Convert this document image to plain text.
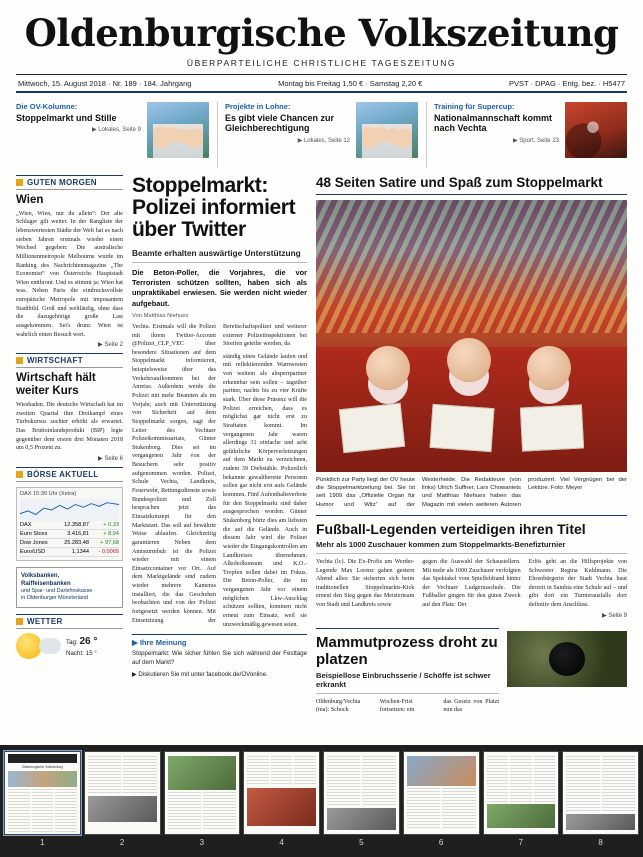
Oldenburgische Volkszeitung
ÜBERPARTEILICHE CHRISTLICHE TAGESZEITUNG
Mittwoch, 15. August 2018 · Nr. 189 · 184. Jahrgang	Montag bis Freitag 1,50 € · Samstag 2,20 €	PVST · DPAG · Entg. bez. · H5477
Die OV-Kolumne:
Stoppelmarkt und Stille
▶ Lokales, Seite 9
Projekte in Lohne:
Es gibt viele Chancen zur Gleichberechtigung
▶ Lokales, Seite 12
Training für Supercup:
Nationalmannschaft kommt nach Vechta
▶ Sport, Seite 23
GUTEN MORGEN
Wien
„Wien, Wien, nur du allein“: Der alte Schlager gilt weiter. In der Rangliste der lebenswertesten Städte der Welt hat es nach sieben Jahren erstmals wieder einen Wechsel gegeben: Die australische Millionenmetropole Melbourne wurde im Ranking des Nachrichtenmagazins „The Economist“ von Österreichs Hauptstadt Wien entthront. Und es stimmt ja: Wien hat was. Neben Paris die eindrucksvollste europäische Metropole mit imposantem Stadtbild. Groß und weltläufig, ohne dass die dazugehörige große Last ausgekommen. Sei's drum: Wien ist wahrlich einen Besuch wert.
▶ Seite 2
WIRTSCHAFT
Wirtschaft hält weiter Kurs
Wiesbaden. Die deutsche Wirtschaft hat im zweiten Quartal ihre Dreikampf eines Turbokursus suchter erhöht als erwartet. Das Bruttoinlandsprodukt (BIP) legte gegenüber dem ersten drei Monaten 2018 um 0,5 Prozent zu.
▶ Seite 6
BÖRSE AKTUELL
DAX 15:30 Uhr (Xetra)
DAX	12.358,87	+ 0,33
Euro Stoxx	3.416,81	+ 8,94
Dow Jones	25.283,48	+ 97,68
Euro/USD	1,1344	- 0,0065
Volksbanken,
Raiffeisenbanken
und Spar- und Darlehnskasse
in Oldenburger Münsterland
WETTER
Tag: 26 °
Nacht: 15 °
Stoppelmarkt: Polizei informiert über Twitter
Beamte erhalten auswärtige Unterstützung
Die Beton-Poller, die Vorjahres, die vor Terroristen schützen sollten, haben sich als unpraktikabel erwiesen. Sie werden nicht wieder aufgebaut.
Von Matthias Niehues
Vechta. Erstmals will die Polizei mit ihrem Twitter-Account @Polizei_CLP_VEC über besondere Situationen auf dem Stoppelmarkt informieren, beispielsweise über das Verkehrsaufkommen bei der Anreise. Außerdem werde die Polizei mit mehr Beamten als im Vorjahr, auch mit Unterstützung von Sicherheit auf dem Stoppelmarkt sorgen, sagt der Leiter des Vechtaer Polizeikommissariats, Günter Stukenborg. Dies sei im vergangenen Jahr von der Besuchern sehr positiv aufgenommen worden. Polizei, Schule Vechta, Landkreis, Feuerwehr, Rettungsdienste sowie Bundespolizei und Zoll besprachen jetzt das Einsatzkonzept für den Marktstart. Das soll auf bewährte Weise ablaufen. Gleichzeitig garantieren Neben dem Amtsturmbuh ist die Polizei wieder mit einem Einsatzcontainer vor Ort. Auf dem Marktgelände sind zudem wieder mehrere Kameras installiert, die das Geschehen beobachten und von der Polizei fortgesetzt werden können. Mit Einsetztzung der Bereitschaftspolizei und weiterer externer Polizeiinspektionen bei Streifen geteilte werden, da
ständig eines Gelände laufen und mit reflektierenden Warnwesten von weitem als absperrpartner erkennbar sein sollen – tagsüber partner, nachts bis zu vier Kräfte stark. Über diese Präsenz will die Polizei erreichen, dass es möglichst gar nicht erst zu Straftaten kommt. Im vergangenen Jahr waren allerdings 31 einfache und acht gefährliche Körperverletzungen auf dem Markt zu verzeichnen, zudem 39 Diebstähle. Polizeilich bekannte gewaltbereite Personen sollen gar nicht erst aufs Gelände kommen. Fünf Aufenthaltsverbote für den Stoppelmarkt sind daher ausgesprochen worden. Günter Stukenborg bürtz dies am liebsten die auf die Gelände. Auch in diesem Jahr wird die Polizei wieder die Eingangskontrollen am Landkreises übernehmen. Alkoholkonsum und K.O.-Tropfen sollen dabei im Fokus. Die Beton-Poller, die im vergangenen Jahr vor einem möglichen Lkw-Anschlag schützen sollten, kommen nicht erneut zum Einsatz, weil sie unzweckmäßig gewesen seien.
▶ Ihre Meinung
Stoppelmarkt: Wie sicher fühlen Sie sich während der Festtage auf dem Markt?
▶ Diskutieren Sie mit unter facebook.de/OVonline.
48 Seiten Satire und Spaß zum Stoppelmarkt
Pünktlich zur Party liegt der OV heute die Stoppelmarktzeitung bei. Sie ist seit 1909 das „Offizielle Organ für Humor und Witz“ auf der Westerheide. Die Redakteure (von links) Ulrich Suffner, Lars Chowaniets und Matthias Niehues haben das Magazin mit vielen weiteren Autoren produziert. Viel Vergnügen bei der Lektüre. Foto: Meyer
Fußball-Legenden verteidigen ihren Titel
Mehr als 1000 Zuschauer kommen zum Stoppelmarkts-Benefizturnier
Vechta (lc). Die Ex-Profis um Werder-Legende Max Lorenz gaben gestern Abend alles: Sie sicherten sich beim traditionellen Stoppelmarkts-Kick erneut den Sieg gegen das Meisterteam von Stadt und Landkreis sowie
gegen die Auswahl der Schaustellern. Mit mehr als 1000 Zuschauer verfolgten das Spektakel vom Spielfeldrand hinter der Vechtaer Ludgerusschule. Die Fußballer gingen für den guten Zweck auf den Platz: Der
Erlös geht an die Hilfsprojekte von Schwester Regina Kuhlmann. Die Ehrenbürgerin der Stadt Vechta baut derzeit in Sambia eine Schule auf – und gibt dort ein Turnierausfalls dort definitiv dem Anschluss.
▶ Seite 9
Mammutprozess droht zu platzen
Beispiellose Einbruchsserie / Schöffe ist schwer erkrankt
Oldenburg/Vechta (ma): Schock
Wochen-Frist fortsetzen: ein
das Gesetz von Platzt nun das
Oldenburgische Volkszeitung
1	2	3	4	5	6	7	8
